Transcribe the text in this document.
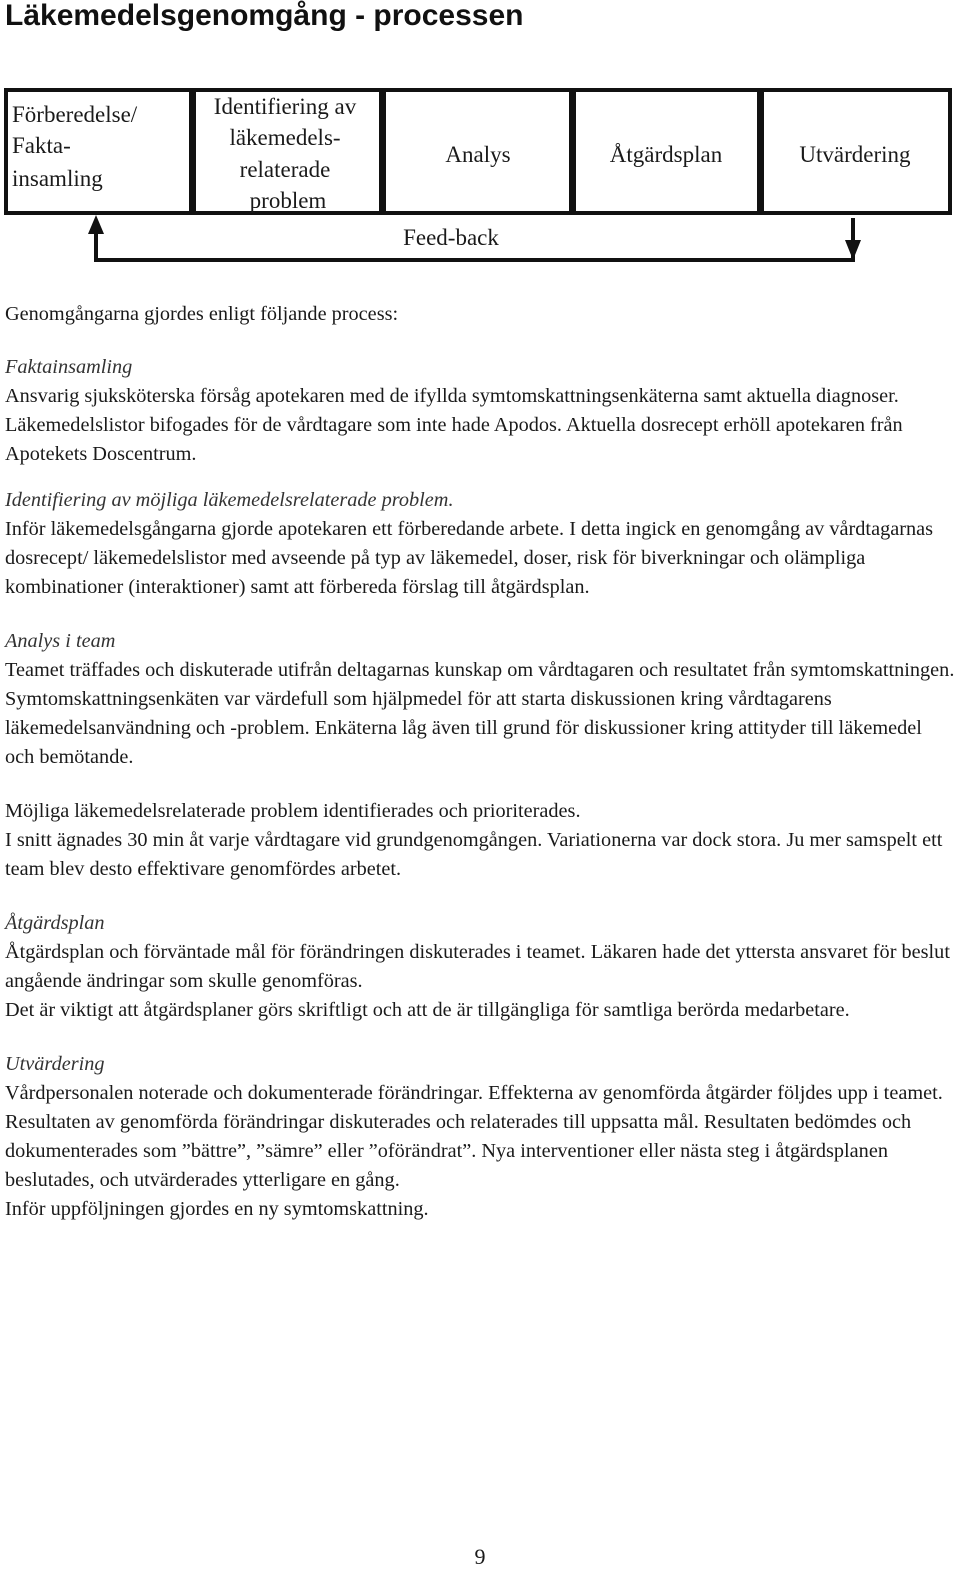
Läkemedelsgenomgång - processen
Förberedelse/
Fakta-
insamling
Identifiering av
läkemedels-
relaterade
problem
Analys	Åtgärdsplan	Utvärdering
Feed-back

Genomgångarna gjordes enligt följande process:

Faktainsamling

Ansvarig sjuksköterska försåg apotekaren med de ifyllda symtomskattningsenkäterna samt aktuella diagnoser. Läkemedelslistor bifogades för de vårdtagare som inte hade Apodos. Aktuella dosrecept erhöll apotekaren från Apotekets Doscentrum.

Identifiering av möjliga läkemedelsrelaterade problem.

Inför läkemedelsgångarna gjorde apotekaren ett förberedande arbete. I detta ingick en genomgång av vårdtagarnas dosrecept/ läkemedelslistor med avseende på typ av läkemedel, doser, risk för biverkningar och olämpliga kombinationer (interaktioner) samt att förbereda förslag till åtgärdsplan.

Analys i team

Teamet träffades och diskuterade utifrån deltagarnas kunskap om vårdtagaren och resultatet från symtomskattningen.

Symtomskattningsenkäten var värdefull som hjälpmedel för att starta diskussionen kring vårdtagarens läkemedelsanvändning och -problem. Enkäterna låg även till grund för diskussioner kring attityder till läkemedel och bemötande.

Möjliga läkemedelsrelaterade problem identifierades och prioriterades.

I snitt ägnades 30 min åt varje vårdtagare vid grundgenomgången. Variationerna var dock stora. Ju mer samspelt ett team blev desto effektivare genomfördes arbetet.

Åtgärdsplan

Åtgärdsplan och förväntade mål för förändringen diskuterades i teamet. Läkaren hade det yttersta ansvaret för beslut angående ändringar som skulle genomföras.

Det är viktigt att åtgärdsplaner görs skriftligt och att de är tillgängliga för samtliga berörda medarbetare.

Utvärdering

Vårdpersonalen noterade och dokumenterade förändringar. Effekterna av genomförda åtgärder följdes upp i teamet. Resultaten av genomförda förändringar diskuterades och relaterades till uppsatta mål. Resultaten bedömdes och dokumenterades som ”bättre”, ”sämre” eller ”oförändrat”. Nya interventioner eller nästa steg i åtgärdsplanen beslutades, och utvärderades ytterligare en gång.

Inför uppföljningen gjordes en ny symtomskattning.

9
